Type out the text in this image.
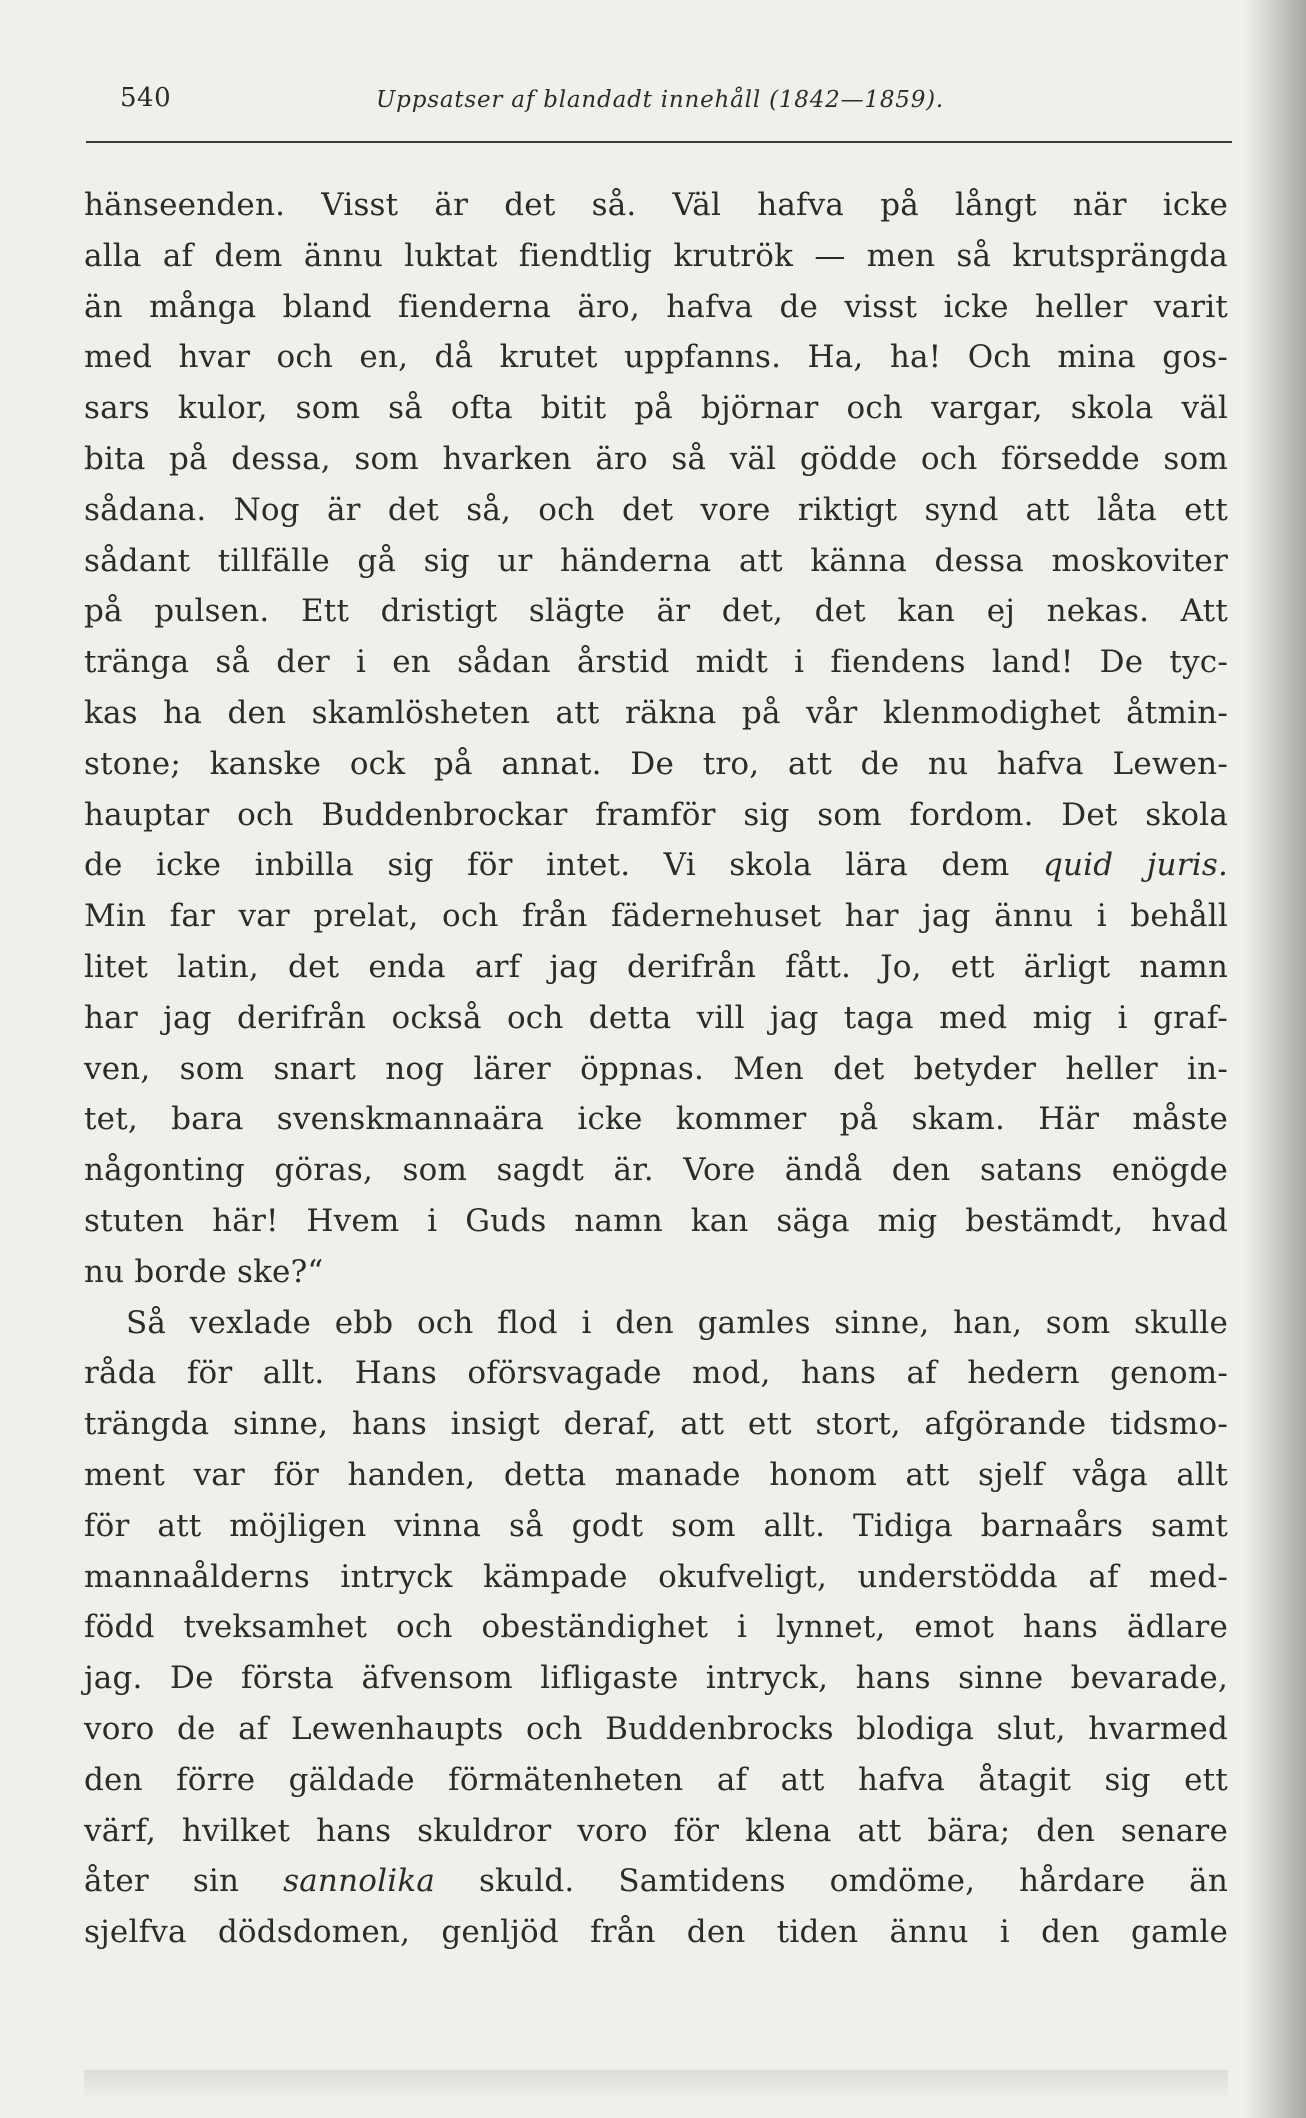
540	Uppsatser af blandadt innehåll (1842—1859).
hänseenden. Visst är det så. Väl hafva på långt när icke
alla af dem ännu luktat fiendtlig krutrök — men så krutsprängda
än många bland fienderna äro, hafva de visst icke heller varit
med hvar och en, då krutet uppfanns. Ha, ha! Och mina gos-
sars kulor, som så ofta bitit på björnar och vargar, skola väl
bita på dessa, som hvarken äro så väl gödde och försedde som
sådana. Nog är det så, och det vore riktigt synd att låta ett
sådant tillfälle gå sig ur händerna att känna dessa moskoviter
på pulsen. Ett dristigt slägte är det, det kan ej nekas. Att
tränga så der i en sådan årstid midt i fiendens land! De tyc-
kas ha den skamlösheten att räkna på vår klenmodighet åtmin-
stone; kanske ock på annat. De tro, att de nu hafva Lewen-
hauptar och Buddenbrockar framför sig som fordom. Det skola
de icke inbilla sig för intet. Vi skola lära dem quid juris.
Min far var prelat, och från fädernehuset har jag ännu i behåll
litet latin, det enda arf jag derifrån fått. Jo, ett ärligt namn
har jag derifrån också och detta vill jag taga med mig i graf-
ven, som snart nog lärer öppnas. Men det betyder heller in-
tet, bara svenskmannaära icke kommer på skam. Här måste
någonting göras, som sagdt är. Vore ändå den satans enögde
stuten här! Hvem i Guds namn kan säga mig bestämdt, hvad
nu borde ske?“
Så vexlade ebb och flod i den gamles sinne, han, som skulle
råda för allt. Hans oförsvagade mod, hans af hedern genom-
trängda sinne, hans insigt deraf, att ett stort, afgörande tidsmo-
ment var för handen, detta manade honom att sjelf våga allt
för att möjligen vinna så godt som allt. Tidiga barnaårs samt
mannaålderns intryck kämpade okufveligt, understödda af med-
född tveksamhet och obeständighet i lynnet, emot hans ädlare
jag. De första äfvensom lifligaste intryck, hans sinne bevarade,
voro de af Lewenhaupts och Buddenbrocks blodiga slut, hvarmed
den förre gäldade förmätenheten af att hafva åtagit sig ett
värf, hvilket hans skuldror voro för klena att bära; den senare
åter sin sannolika skuld. Samtidens omdöme, hårdare än
sjelfva dödsdomen, genljöd från den tiden ännu i den gamle
